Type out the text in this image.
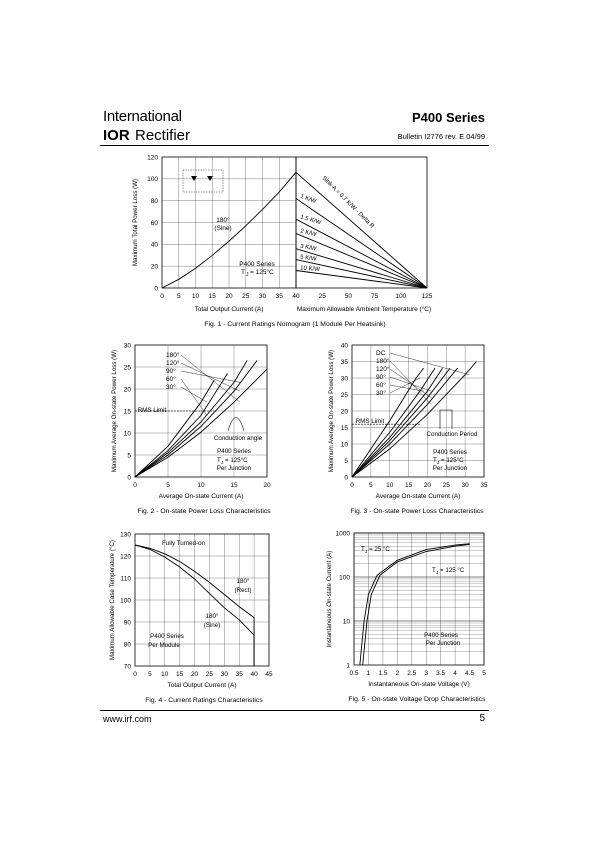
International
IOR Rectifier
P400 Series
Bulletin I2776 rev. E 04/99
0
20
40
60
80
100
120
0 5 10 15 20 25 30 35 40	25	50	75	100 125
Maximum Total Power Loss (W)
Total Output Current (A)	Maximum Allowable Ambient Temperature (°C)
Fig. 1 - Current Ratings Nomogram (1 Module Per Heatsink)
Sink-A = 0.7 K/W - Delta R
1 K/W
1.5 K/W
2 K/W
3 K/W
5 K/W
10 K/W
180°
(Sine)
P400 Series
T J = 125°C
0
5
10
15
20
25
30
0	5	10	15	20
Maximum Average On-state Power Loss (W)
Average On-state Current (A)
Fig. 2 - On-state Power Loss Characteristics
180°
120°
90°
60°
30°
RMS Limit
Conduction angle
P400 Series
T J = 125°C
Per Junction
0
5
10
15
20
25
30
35
40
0 5 10 15 20 25 30 35
Maximum Average On-state Power Loss (W)
Average On-state Current (A)
Fig. 3 - On-state Power Loss Characteristics
DC
180°
120°
90°
60°
30°
RMS Limit
Conduction Period
P400 Series
T J = 125°C
Per Junction
70
80
90
100
110
120
130
0 5 10 15 20 25 30 35 40 45
Maximum Allowable Case Temperature (°C)
Total Output Current (A)
Fig. 4 - Current Ratings Characteristics
Fully Turned-on
180°
(Rect)
180°
(Sine)
P400 Series
Per Module
0.5 1 1.5 2 2.5 3 3.5 4 4.5 5
1
10
100
1000
Instantaneous On-state Current (A)
Instantaneous On-state Voltage (V)
Fig. 5 - On-state Voltage Drop Characteristics
T J = 25 °C
T J = 125 °C
P400 Series
Per Junction
www.irf.com	5
